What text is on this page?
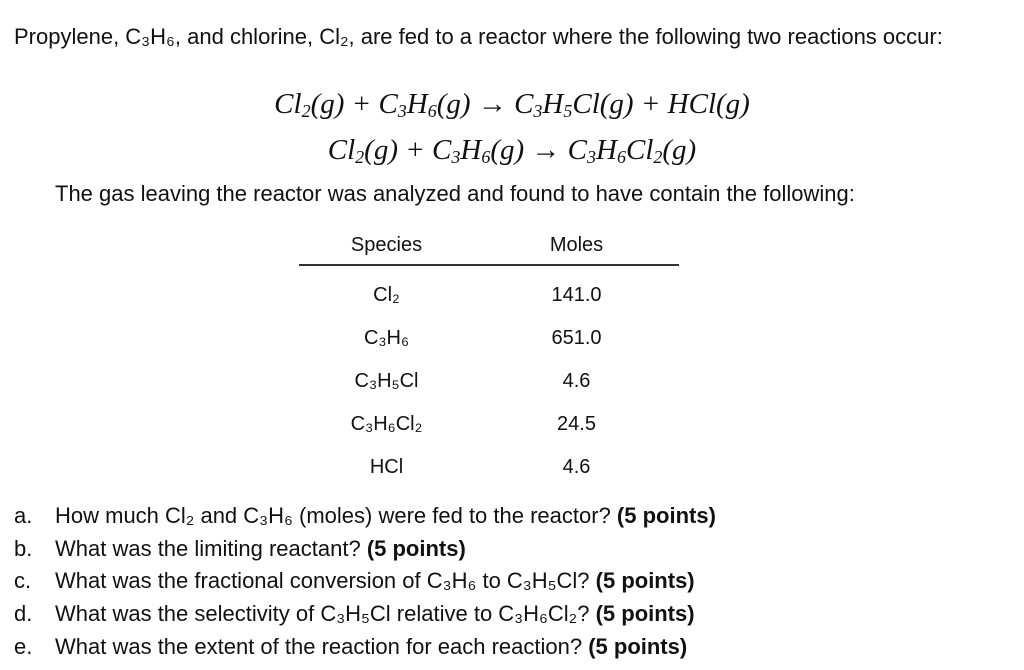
Propylene, C₃H₆, and chlorine, Cl₂, are fed to a reactor where the following two reactions occur:
$Cl_2(g) + C_3H_6(g) \to C_3H_5Cl(g) + HCl(g)$
$Cl_2(g) + C_3H_6(g) \to C_3H_6Cl_2(g)$
The gas leaving the reactor was analyzed and found to have contain the following:
Species	Moles
Cl₂	141.0
C₃H₆	651.0
C₃H₅Cl	4.6
C₃H₆Cl₂	24.5
HCl	4.6
a. How much Cl₂ and C₃H₆ (moles) were fed to the reactor? (5 points)
b. What was the limiting reactant? (5 points)
c. What was the fractional conversion of C₃H₆ to C₃H₅Cl? (5 points)
d. What was the selectivity of C₃H₅Cl relative to C₃H₆Cl₂? (5 points)
e. What was the extent of the reaction for each reaction? (5 points)
